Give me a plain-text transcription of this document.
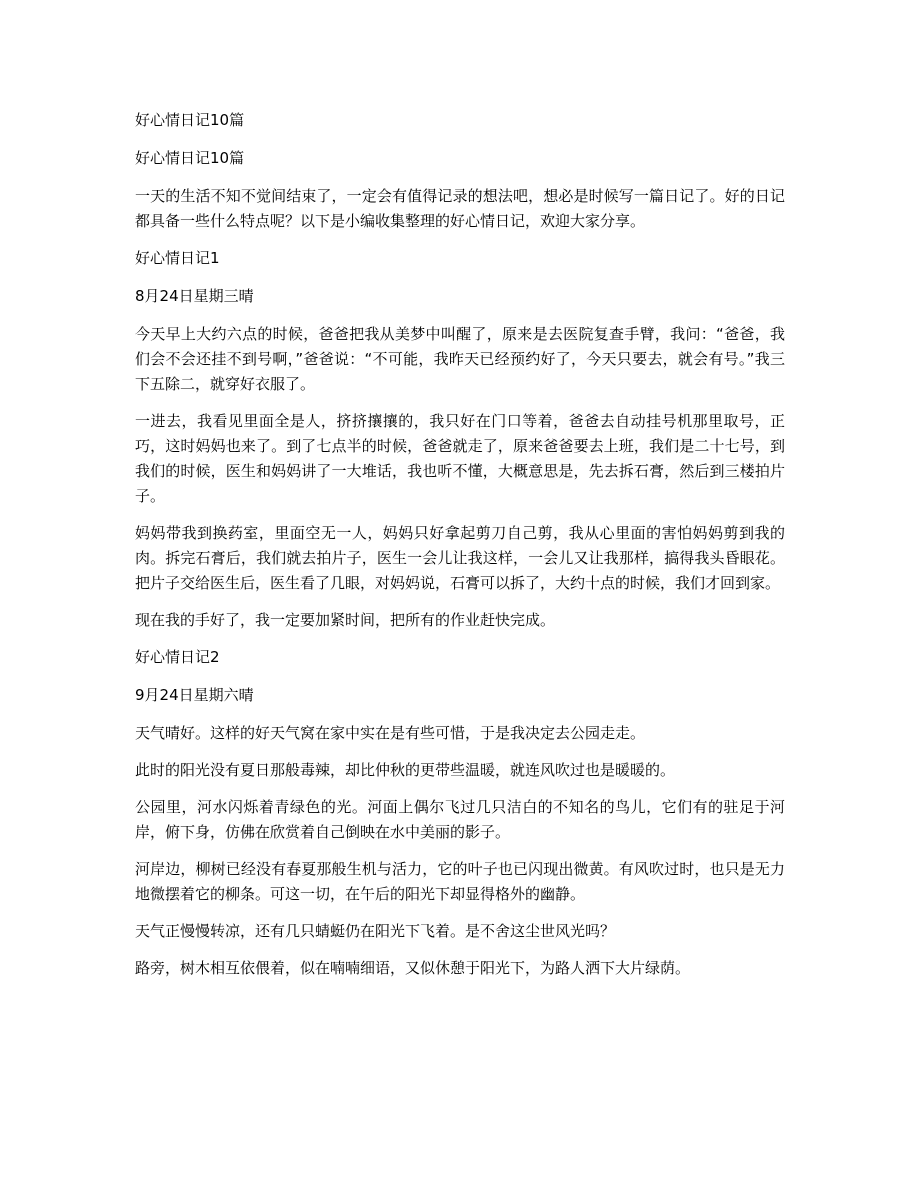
好心情日记10篇

好心情日记10篇

一天的生活不知不觉间结束了，一定会有值得记录的想法吧，想必是时候写一篇日记了。好的日记都具备一些什么特点呢？以下是小编收集整理的好心情日记，欢迎大家分享。

好心情日记1

8月24日星期三晴

今天早上大约六点的时候，爸爸把我从美梦中叫醒了，原来是去医院复查手臂，我问：“爸爸，我们会不会还挂不到号啊，”爸爸说：“不可能，我昨天已经预约好了，今天只要去，就会有号。”我三下五除二，就穿好衣服了。

一进去，我看见里面全是人，挤挤攘攘的，我只好在门口等着，爸爸去自动挂号机那里取号，正巧，这时妈妈也来了。到了七点半的时候，爸爸就走了，原来爸爸要去上班，我们是二十七号，到我们的时候，医生和妈妈讲了一大堆话，我也听不懂，大概意思是，先去拆石膏，然后到三楼拍片子。

妈妈带我到换药室，里面空无一人，妈妈只好拿起剪刀自己剪，我从心里面的害怕妈妈剪到我的肉。拆完石膏后，我们就去拍片子，医生一会儿让我这样，一会儿又让我那样，搞得我头昏眼花。把片子交给医生后，医生看了几眼，对妈妈说，石膏可以拆了，大约十点的时候，我们才回到家。

现在我的手好了，我一定要加紧时间，把所有的作业赶快完成。

好心情日记2

9月24日星期六晴

天气晴好。这样的好天气窝在家中实在是有些可惜，于是我决定去公园走走。

此时的阳光没有夏日那般毒辣，却比仲秋的更带些温暖，就连风吹过也是暖暖的。

公园里，河水闪烁着青绿色的光。河面上偶尔飞过几只洁白的不知名的鸟儿，它们有的驻足于河岸，俯下身，仿佛在欣赏着自己倒映在水中美丽的影子。

河岸边，柳树已经没有春夏那般生机与活力，它的叶子也已闪现出微黄。有风吹过时，也只是无力地微摆着它的柳条。可这一切，在午后的阳光下却显得格外的幽静。

天气正慢慢转凉，还有几只蜻蜓仍在阳光下飞着。是不舍这尘世风光吗？

路旁，树木相互依偎着，似在喃喃细语，又似休憩于阳光下，为路人洒下大片绿荫。
